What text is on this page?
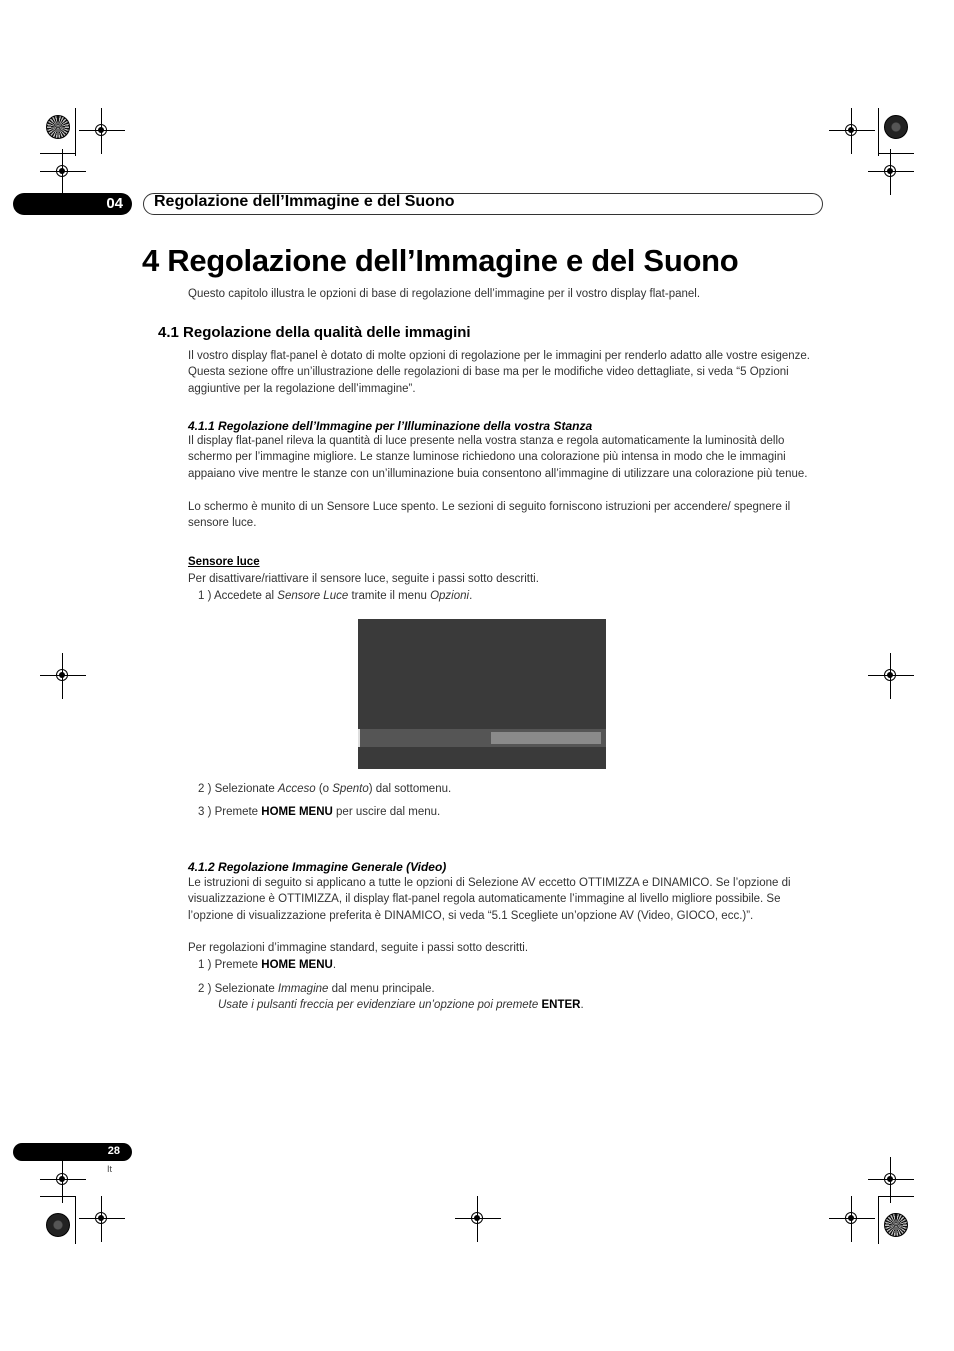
04 Regolazione dell’Immagine e del Suono
4 Regolazione dell’Immagine e del Suono
Questo capitolo illustra le opzioni di base di regolazione dell’immagine per il vostro display flat-panel.
4.1 Regolazione della qualità delle immagini
Il vostro display flat-panel è dotato di molte opzioni di regolazione per le immagini per renderlo adatto alle vostre esigenze. Questa sezione offre un’illustrazione delle regolazioni di base ma per le modifiche video dettagliate, si veda “5 Opzioni aggiuntive per la regolazione dell’immagine”.
4.1.1 Regolazione dell’Immagine per l’Illuminazione della vostra Stanza
Il display flat-panel rileva la quantità di luce presente nella vostra stanza e regola automaticamente la luminosità dello schermo per l’immagine migliore. Le stanze luminose richiedono una colorazione più intensa in modo che le immagini appaiano vive mentre le stanze con un’illuminazione buia consentono all’immagine di utilizzare una colorazione più tenue.
Lo schermo è munito di un Sensore Luce spento. Le sezioni di seguito forniscono istruzioni per accendere/ spegnere il sensore luce.
Sensore luce
Per disattivare/riattivare il sensore luce, seguite i passi sotto descritti.
1 ) Accedete al Sensore Luce tramite il menu Opzioni.
2 ) Selezionate Acceso (o Spento) dal sottomenu.
3 ) Premete HOME MENU per uscire dal menu.
4.1.2 Regolazione Immagine Generale (Video)
Le istruzioni di seguito si applicano a tutte le opzioni di Selezione AV eccetto OTTIMIZZA e DINAMICO. Se l’opzione di visualizzazione è OTTIMIZZA, il display flat-panel regola automaticamente l’immagine al livello migliore possibile. Se l’opzione di visualizzazione preferita è DINAMICO, si veda “5.1 Scegliete un’opzione AV (Video, GIOCO, ecc.)”.
Per regolazioni d’immagine standard, seguite i passi sotto descritti.
1 ) Premete HOME MENU.
2 ) Selezionate Immagine dal menu principale.
Usate i pulsanti freccia per evidenziare un’opzione poi premete ENTER.
28
It
